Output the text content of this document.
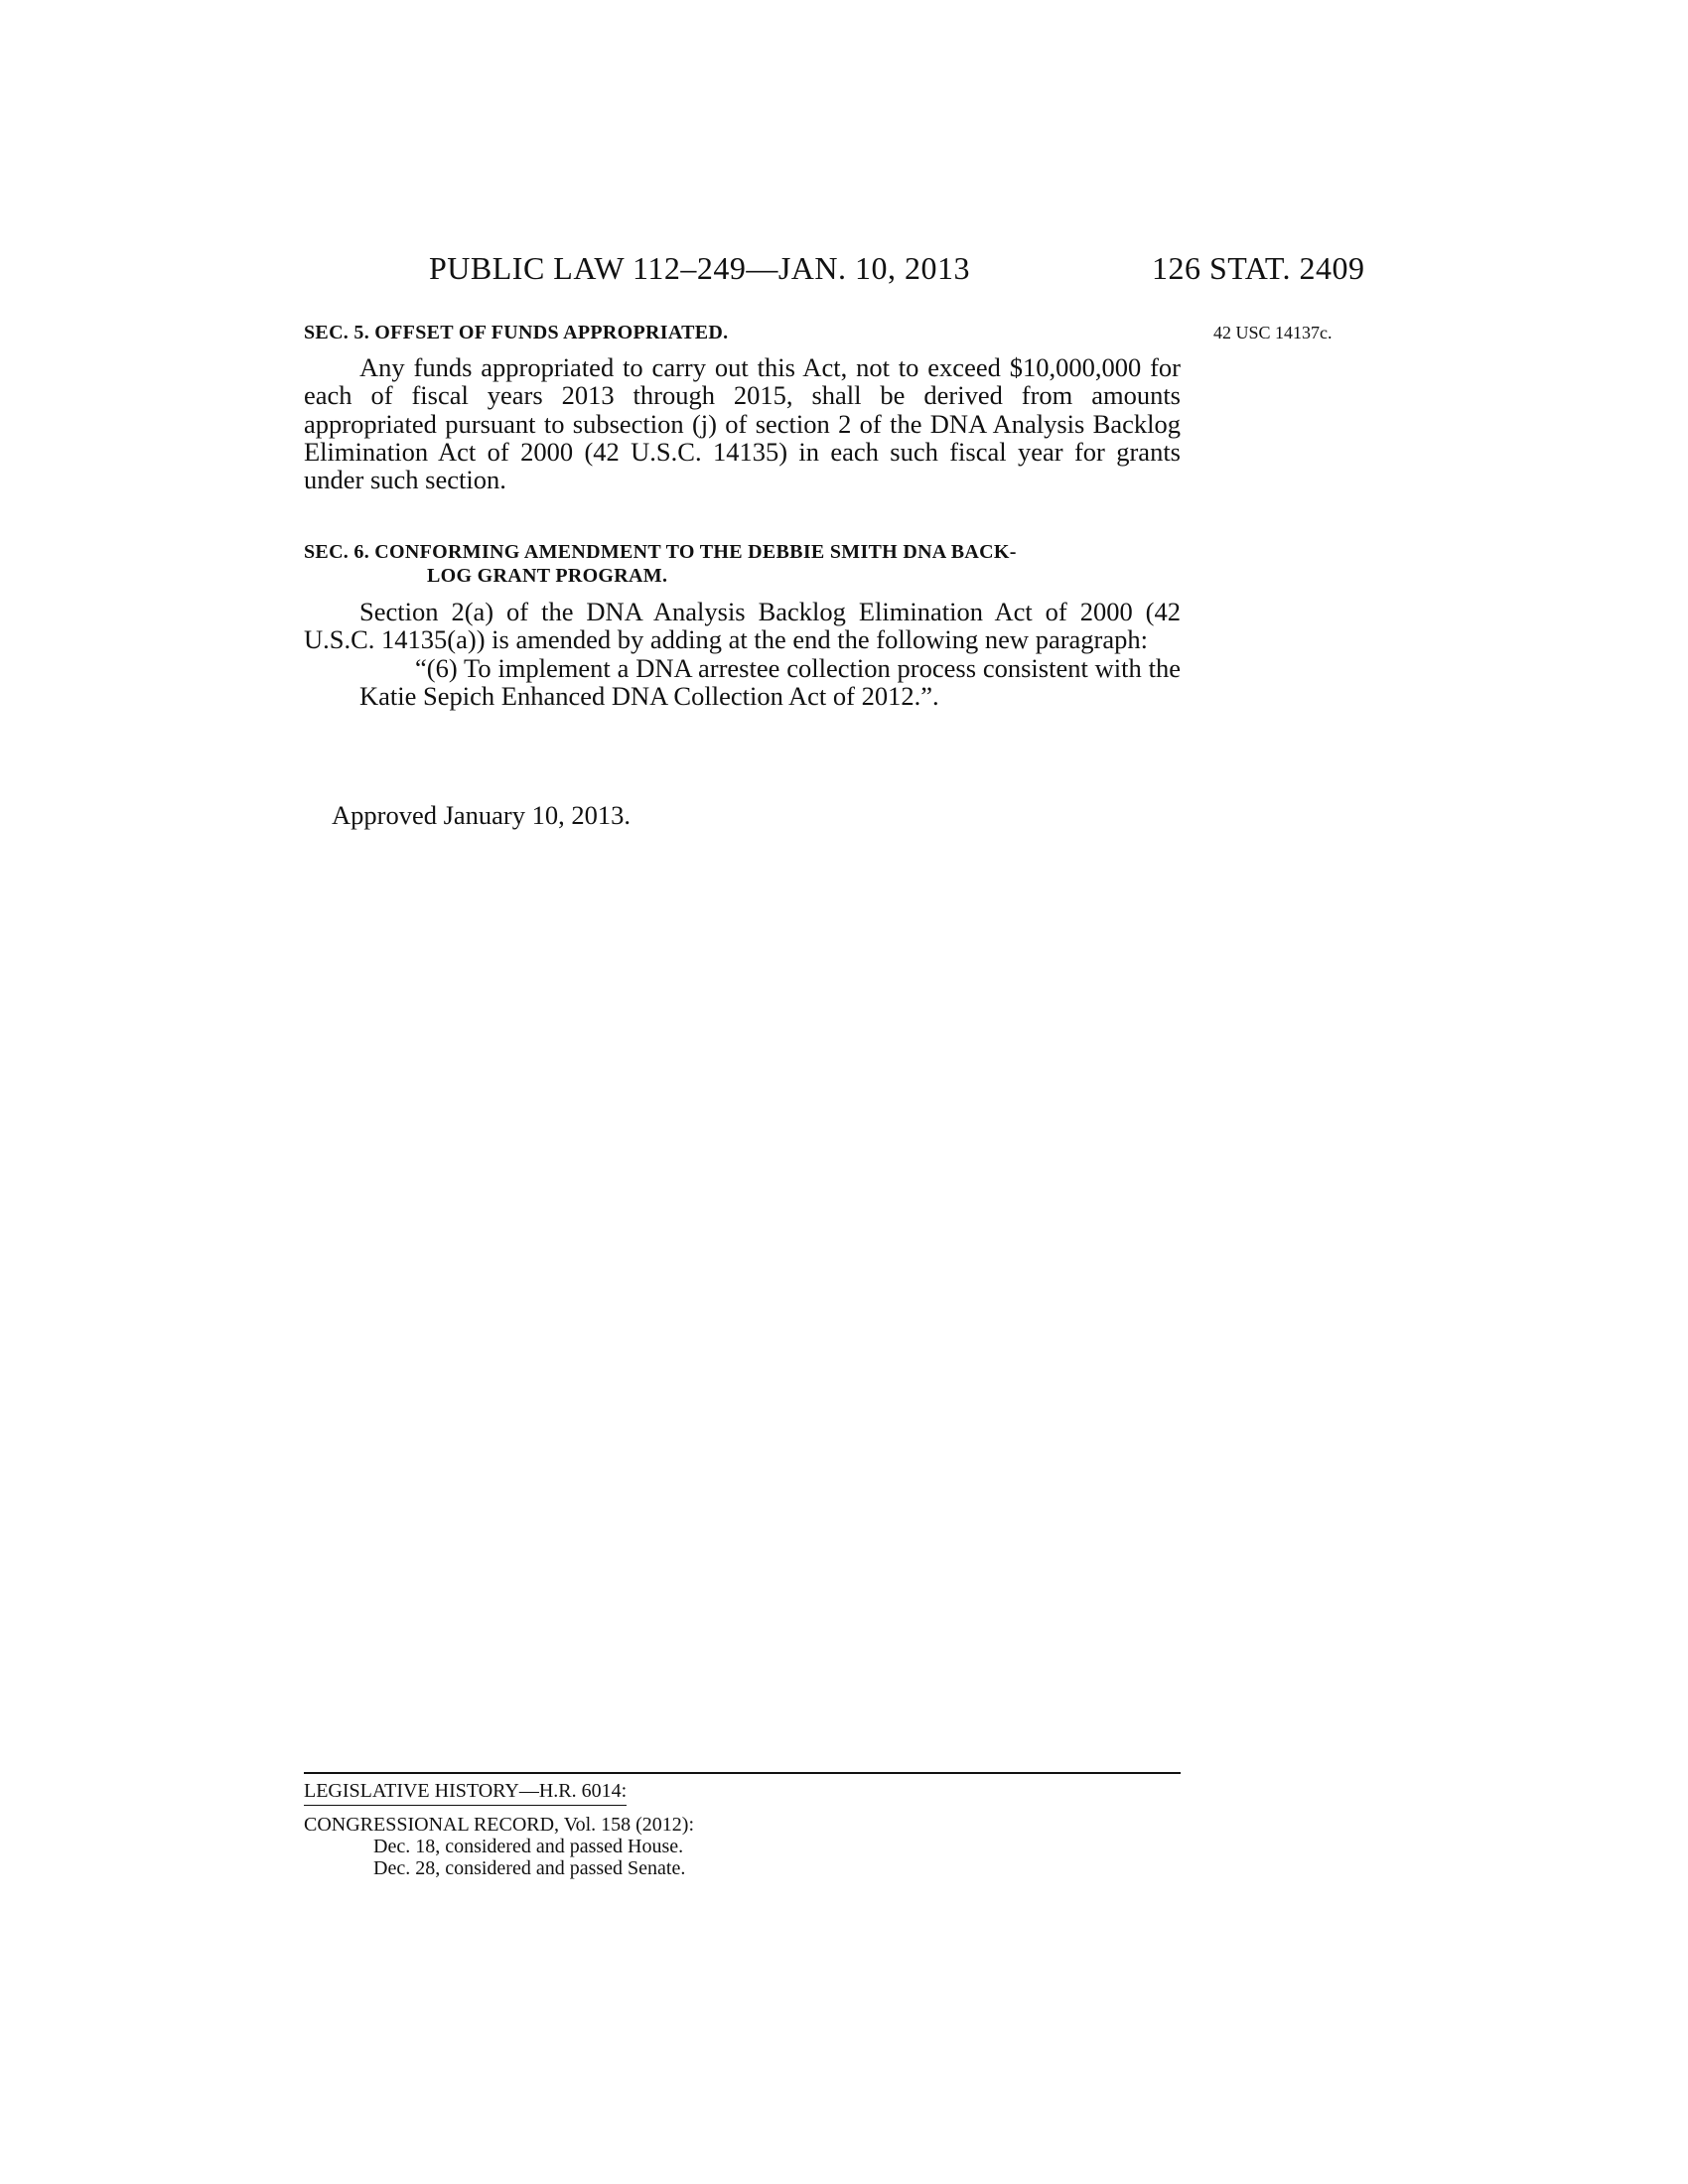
PUBLIC LAW 112–249—JAN. 10, 2013	126 STAT. 2409
42 USC 14137c.
SEC. 5. OFFSET OF FUNDS APPROPRIATED.
Any funds appropriated to carry out this Act, not to exceed $10,000,000 for each of fiscal years 2013 through 2015, shall be derived from amounts appropriated pursuant to subsection (j) of section 2 of the DNA Analysis Backlog Elimination Act of 2000 (42 U.S.C. 14135) in each such fiscal year for grants under such section.
SEC. 6. CONFORMING AMENDMENT TO THE DEBBIE SMITH DNA BACK-
LOG GRANT PROGRAM.
Section 2(a) of the DNA Analysis Backlog Elimination Act of 2000 (42 U.S.C. 14135(a)) is amended by adding at the end the following new paragraph:
“(6) To implement a DNA arrestee collection process consistent with the Katie Sepich Enhanced DNA Collection Act of 2012.”.
Approved January 10, 2013.
LEGISLATIVE HISTORY—H.R. 6014:
CONGRESSIONAL RECORD, Vol. 158 (2012):
Dec. 18, considered and passed House.
Dec. 28, considered and passed Senate.
